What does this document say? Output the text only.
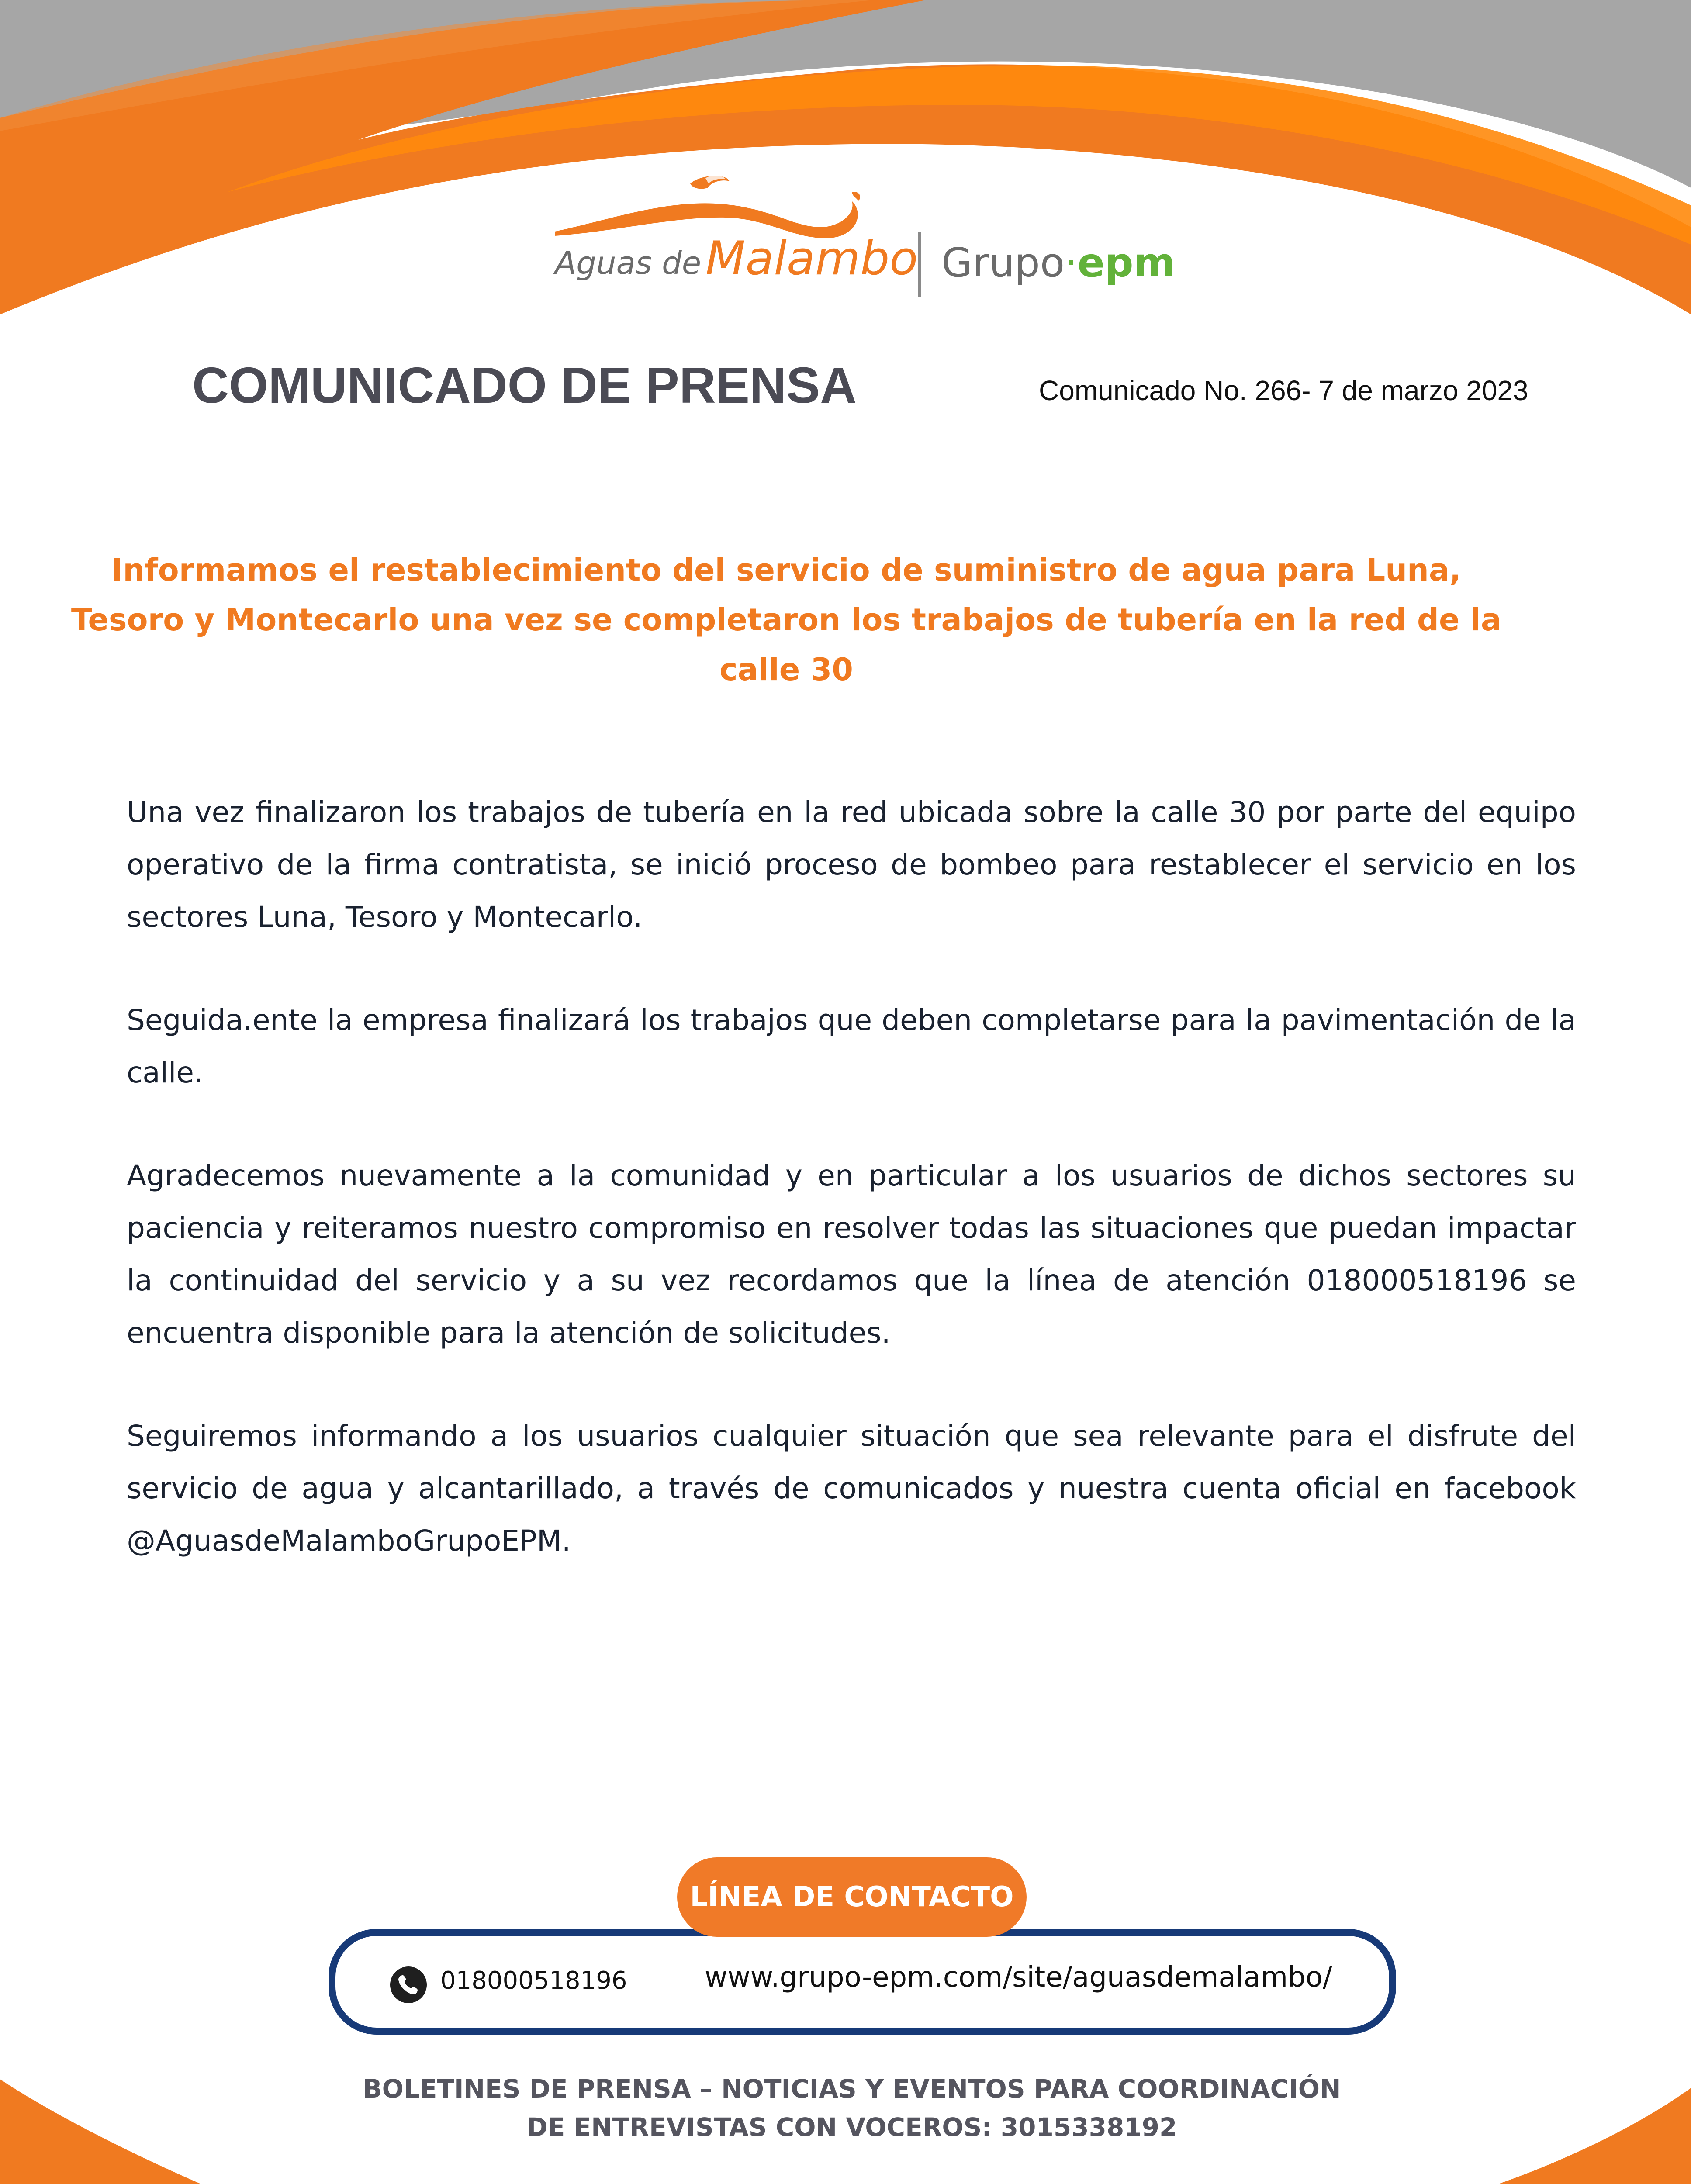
Aguas de Malambo Grupo·epm
COMUNICADO DE PRENSA	Comunicado No. 266- 7 de marzo 2023
Informamos el restablecimiento del servicio de suministro de agua para Luna, Tesoro y Montecarlo una vez se completaron los trabajos de tubería en la red de la calle 30

Una vez finalizaron los trabajos de tubería en la red ubicada sobre la calle 30 por parte del equipo operativo de la firma contratista, se inició proceso de bombeo para restablecer el servicio en los sectores Luna, Tesoro y Montecarlo.

Seguida.ente la empresa finalizará los trabajos que deben completarse para la pavimentación de la calle.

Agradecemos nuevamente a la comunidad y en particular a los usuarios de dichos sectores su paciencia y reiteramos nuestro compromiso en resolver todas las situaciones que puedan impactar la continuidad del servicio y a su vez recordamos que la línea de atención 018000518196 se encuentra disponible para la atención de solicitudes.

Seguiremos informando a los usuarios cualquier situación que sea relevante para el disfrute del servicio de agua y alcantarillado, a través de comunicados y nuestra cuenta oficial en facebook @AguasdeMalamboGrupoEPM.

LÍNEA DE CONTACTO
018000518196	www.grupo-epm.com/site/aguasdemalambo/
BOLETINES DE PRENSA – NOTICIAS Y EVENTOS PARA COORDINACIÓN
DE ENTREVISTAS CON VOCEROS: 3015338192
